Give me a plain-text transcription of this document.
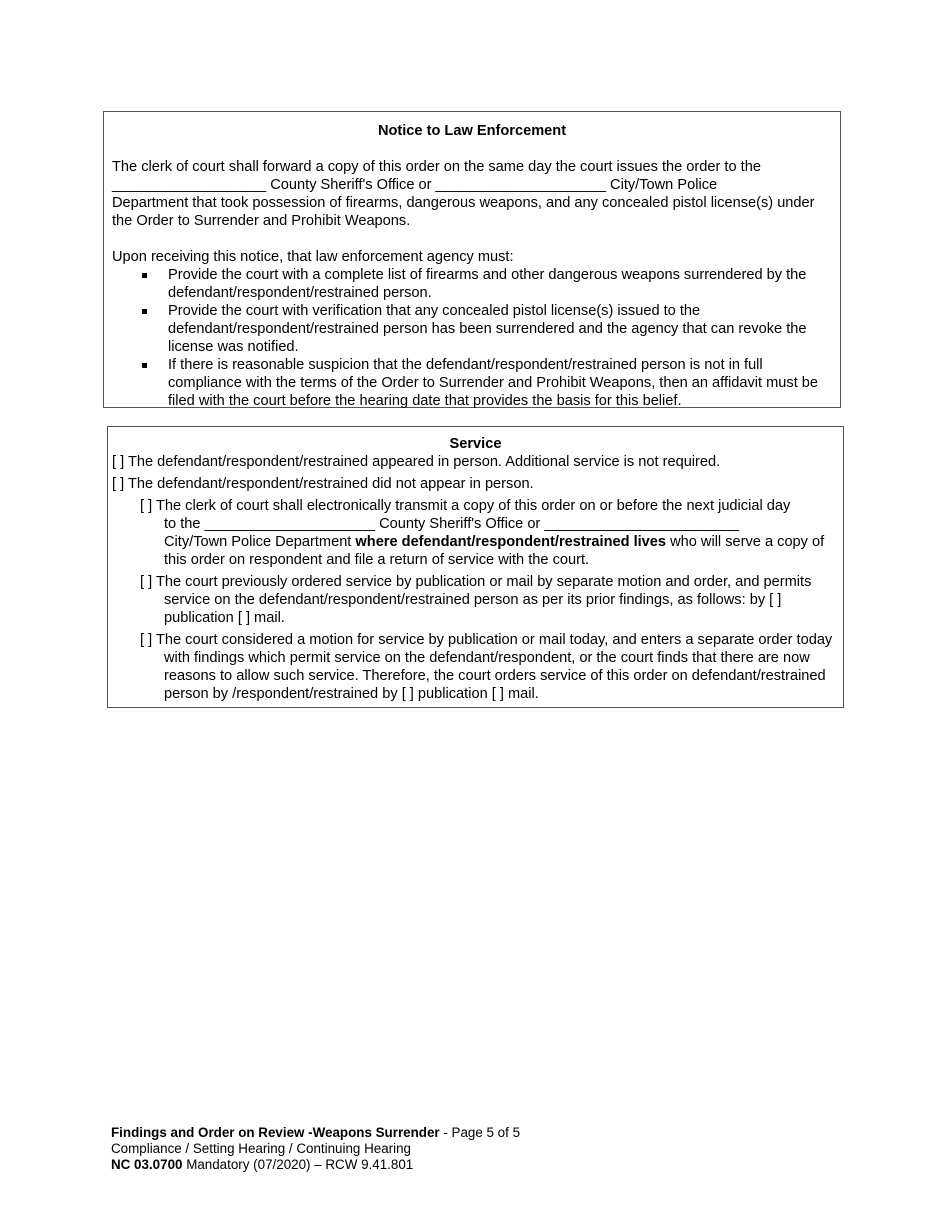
Notice to Law Enforcement

The clerk of court shall forward a copy of this order on the same day the court issues the order to the
___________________ County Sheriff's Office or _____________________ City/Town Police
Department that took possession of firearms, dangerous weapons, and any concealed pistol license(s) under the Order to Surrender and Prohibit Weapons.

Upon receiving this notice, that law enforcement agency must:

Provide the court with a complete list of firearms and other dangerous weapons surrendered by the defendant/respondent/restrained person.
Provide the court with verification that any concealed pistol license(s) issued to the defendant/respondent/restrained person has been surrendered and the agency that can revoke the license was notified.
If there is reasonable suspicion that the defendant/respondent/restrained person is not in full compliance with the terms of the Order to Surrender and Prohibit Weapons, then an affidavit must be filed with the court before the hearing date that provides the basis for this belief.
Service

[ ] The defendant/respondent/restrained appeared in person. Additional service is not required.

[ ] The defendant/respondent/restrained did not appear in person.

[ ] The clerk of court shall electronically transmit a copy of this order on or before the next judicial day
to the _____________________ County Sheriff's Office or ________________________
City/Town Police Department where defendant/respondent/restrained lives who will serve a copy of this order on respondent and file a return of service with the court.

[ ] The court previously ordered service by publication or mail by separate motion and order, and permits service on the defendant/respondent/restrained person as per its prior findings, as follows: by [ ] publication [ ] mail.

[ ] The court considered a motion for service by publication or mail today, and enters a separate order today with findings which permit service on the defendant/respondent, or the court finds that there are now reasons to allow such service. Therefore, the court orders service of this order on defendant/restrained person by /respondent/restrained by [ ] publication [ ] mail.

Findings and Order on Review -Weapons Surrender - Page 5 of 5
Compliance / Setting Hearing / Continuing Hearing
NC 03.0700 Mandatory (07/2020) – RCW 9.41.801
